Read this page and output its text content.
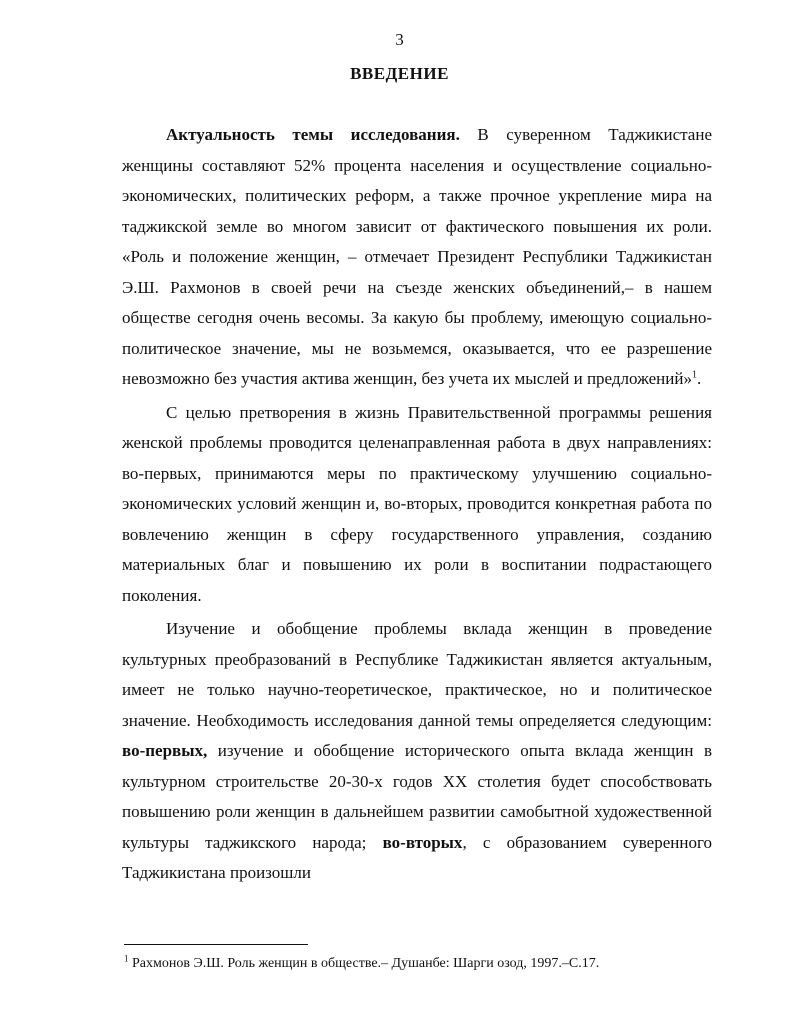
3
ВВЕДЕНИЕ

Актуальность темы исследования. В суверенном Таджикистане женщины составляют 52% процента населения и осуществление социально-экономических, политических реформ, а также прочное укрепление мира на таджикской земле во многом зависит от фактического повышения их роли. «Роль и положение женщин, – отмечает Президент Республики Таджикистан Э.Ш. Рахмонов в своей речи на съезде женских объединений,– в нашем обществе сегодня очень весомы. За какую бы проблему, имеющую социально-политическое значение, мы не возьмемся, оказывается, что ее разрешение невозможно без участия актива женщин, без учета их мыслей и предложений»$^1$.

С целью претворения в жизнь Правительственной программы решения женской проблемы проводится целенаправленная работа в двух направлениях: во-первых, принимаются меры по практическому улучшению социально-экономических условий женщин и, во-вторых, проводится конкретная работа по вовлечению женщин в сферу государственного управления, созданию материальных благ и повышению их роли в воспитании подрастающего поколения.

Изучение и обобщение проблемы вклада женщин в проведение культурных преобразований в Республике Таджикистан является актуальным, имеет не только научно-теоретическое, практическое, но и политическое значение. Необходимость исследования данной темы определяется следующим: во-первых, изучение и обобщение исторического опыта вклада женщин в культурном строительстве 20-30-х годов XX столетия будет способствовать повышению роли женщин в дальнейшем развитии самобытной художественной культуры таджикского народа; во-вторых, с образованием суверенного Таджикистана произошли

$^1$ Рахмонов Э.Ш. Роль женщин в обществе.– Душанбе: Шарги озод, 1997.–С.17.
